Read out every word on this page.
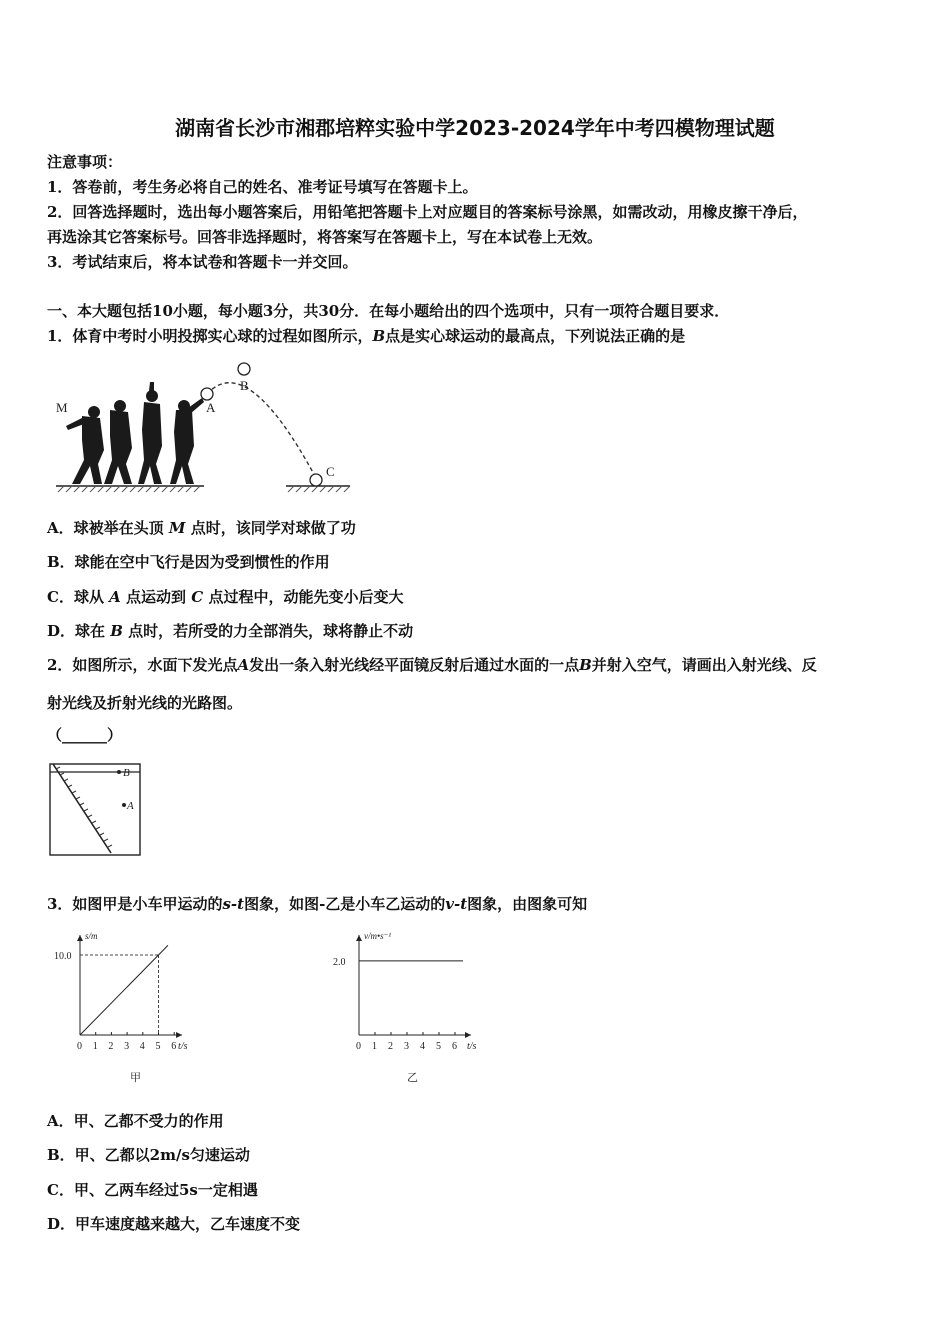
湖南省长沙市湘郡培粹实验中学2023-2024学年中考四模物理试题
注意事项：
1．答卷前，考生务必将自己的姓名、准考证号填写在答题卡上。
2．回答选择题时，选出每小题答案后，用铅笔把答题卡上对应题目的答案标号涂黑，如需改动，用橡皮擦干净后，
再选涂其它答案标号。回答非选择题时，将答案写在答题卡上，写在本试卷上无效。
3．考试结束后，将本试卷和答题卡一并交回。
一、本大题包括10小题，每小题3分，共30分．在每小题给出的四个选项中，只有一项符合题目要求．
1．体育中考时小明投掷实心球的过程如图所示，B点是实心球运动的最高点，下列说法正确的是
M	A
B
C
A．球被举在头顶 M 点时，该同学对球做了功
B．球能在空中飞行是因为受到惯性的作用
C．球从 A 点运动到 C 点过程中，动能先变小后变大
D．球在 B 点时，若所受的力全部消失，球将静止不动
2．如图所示，水面下发光点A发出一条入射光线经平面镜反射后通过水面的一点B并射入空气，请画出入射光线、反
射光线及折射光线的光路图。
（______）
B
A
3．如图甲是小车甲运动的s-t图象，如图-乙是小车乙运动的v-t图象，由图象可知
0 1 2 3 4 5 6 t/s
s/m
10.0
甲
0 1 2 3 4 5 6 t/s
v/m•s⁻¹
2.0
乙
A．甲、乙都不受力的作用
B．甲、乙都以2m/s匀速运动
C．甲、乙两车经过5s一定相遇
D．甲车速度越来越大，乙车速度不变
